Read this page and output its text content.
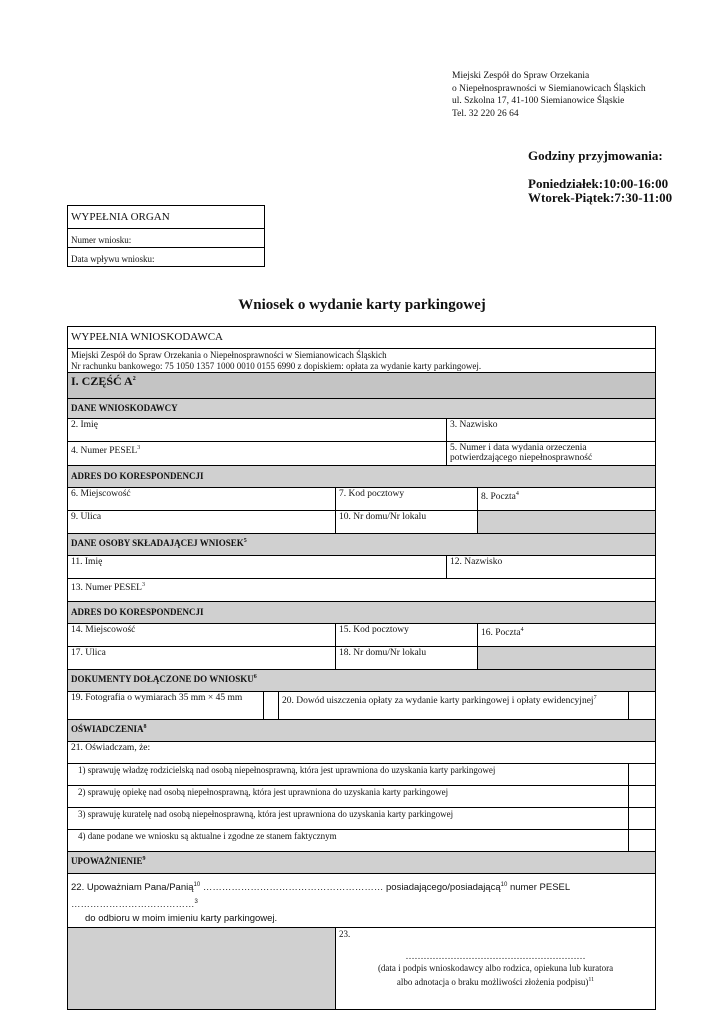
Miejski Zespół do Spraw Orzekania
o Niepełnosprawności w Siemianowicach Śląskich
ul. Szkolna 17, 41-100 Siemianowice Śląskie
Tel. 32 220 26 64
Godziny przyjmowania:
Poniedziałek:10:00-16:00
Wtorek-Piątek:7:30-11:00
WYPEŁNIA ORGAN
Numer wniosku:
Data wpływu wniosku:
Wniosek o wydanie karty parkingowej
WYPEŁNIA WNIOSKODAWCA						

Miejski Zespół do Spraw Orzekania o Niepełnosprawności w Siemianowicach Śląskich
Nr rachunku bankowego: 75 1050 1357 1000 0010 0155 6990 z dopiskiem: opłata za wydanie karty parkingowej.						

I. CZĘŚĆ $A^2$
DANE WNIOSKODAWCY						
2. Imię				3. Nazwisko		
4. Numer PESEL$^3$				5. Numer i data wydania orzeczenia potwierdzającego niepełnosprawność		
ADRES DO KORESPONDENCJI						
6. Miejscowość			7. Kod pocztowy		8. Poczta$^4$
9. Ulica			10. Nr domu/Nr lokalu			
DANE OSOBY SKŁADAJĄCEJ WNIOSEK$^5$
11. Imię				12. Nazwisko		
13. Numer PESEL$^3$
ADRES DO KORESPONDENCJI						
14. Miejscowość			15. Kod pocztowy		16. Poczta$^4$
17. Ulica			18. Nr domu/Nr lokalu			
DOKUMENTY DOŁĄCZONE DO WNIOSKU$^6$
19. Fotografia o wymiarach 35 mm × 45 mm		20. Dowód uiszczenia opłaty za wydanie karty parkingowej i opłaty ewidencyjnej$^7$	
OŚWIADCZENIA$^8$
21. Oświadczam, że:						
1) sprawuję władzę rodzicielską nad osobą niepełnosprawną, która jest uprawniona do uzyskania karty parkingowej						
2) sprawuję opiekę nad osobą niepełnosprawną, która jest uprawniona do uzyskania karty parkingowej						
3) sprawuję kuratelę nad osobą niepełnosprawną, która jest uprawniona do uzyskania karty parkingowej						
4) dane podane we wniosku są aktualne i zgodne ze stanem faktycznym						
UPOWAŻNIENIE$^9$

22. Upoważniam Pana/Panią$^{10}$ ………………………………………………… posiadającego/posiadającą$^{10}$ numer PESEL …………………………………$^3$
do odbioru w moim imieniu karty parkingowej.						

			23.
……………………………………………………
(data i podpis wnioskodawcy albo rodzica, opiekuna lub kuratora
albo adnotacja o braku możliwości złożenia podpisu)$^{11}$
